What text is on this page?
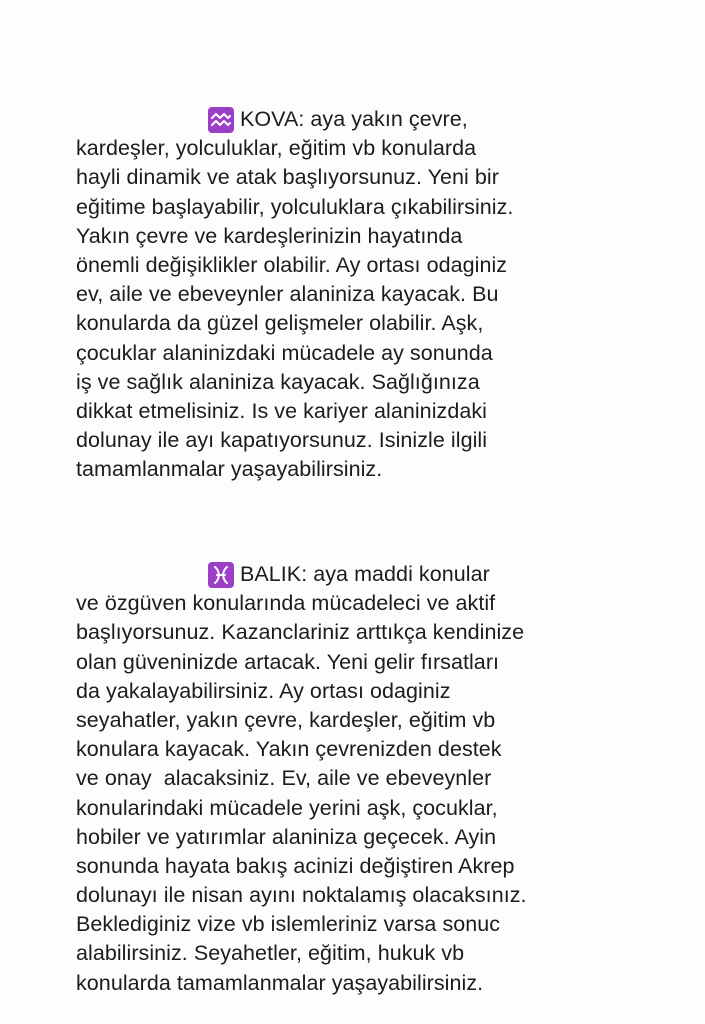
KOVA: aya yakın çevre,
kardeşler, yolculuklar, eğitim vb konularda
hayli dinamik ve atak başlıyorsunuz. Yeni bir
eğitime başlayabilir, yolculuklara çıkabilirsiniz.
Yakın çevre ve kardeşlerinizin hayatında
önemli değişiklikler olabilir. Ay ortası odaginiz
ev, aile ve ebeveynler alaniniza kayacak. Bu
konularda da güzel gelişmeler olabilir. Aşk,
çocuklar alaninizdaki mücadele ay sonunda
iş ve sağlık alaniniza kayacak. Sağlığınıza
dikkat etmelisiniz. Is ve kariyer alaninizdaki
dolunay ile ayı kapatıyorsunuz. Isinizle ilgili
tamamlanmalar yaşayabilirsiniz.
BALIK: aya maddi konular
ve özgüven konularında mücadeleci ve aktif
başlıyorsunuz. Kazanclariniz arttıkça kendinize
olan güveninizde artacak. Yeni gelir fırsatları
da yakalayabilirsiniz. Ay ortası odaginiz
seyahatler, yakın çevre, kardeşler, eğitim vb
konulara kayacak. Yakın çevrenizden destek
ve onay  alacaksiniz. Ev, aile ve ebeveynler
konularindaki mücadele yerini aşk, çocuklar,
hobiler ve yatırımlar alaniniza geçecek. Ayin
sonunda hayata bakış acinizi değiştiren Akrep
dolunayı ile nisan ayını noktalamış olacaksınız.
Beklediginiz vize vb islemleriniz varsa sonuc
alabilirsiniz. Seyahetler, eğitim, hukuk vb
konularda tamamlanmalar yaşayabilirsiniz.
